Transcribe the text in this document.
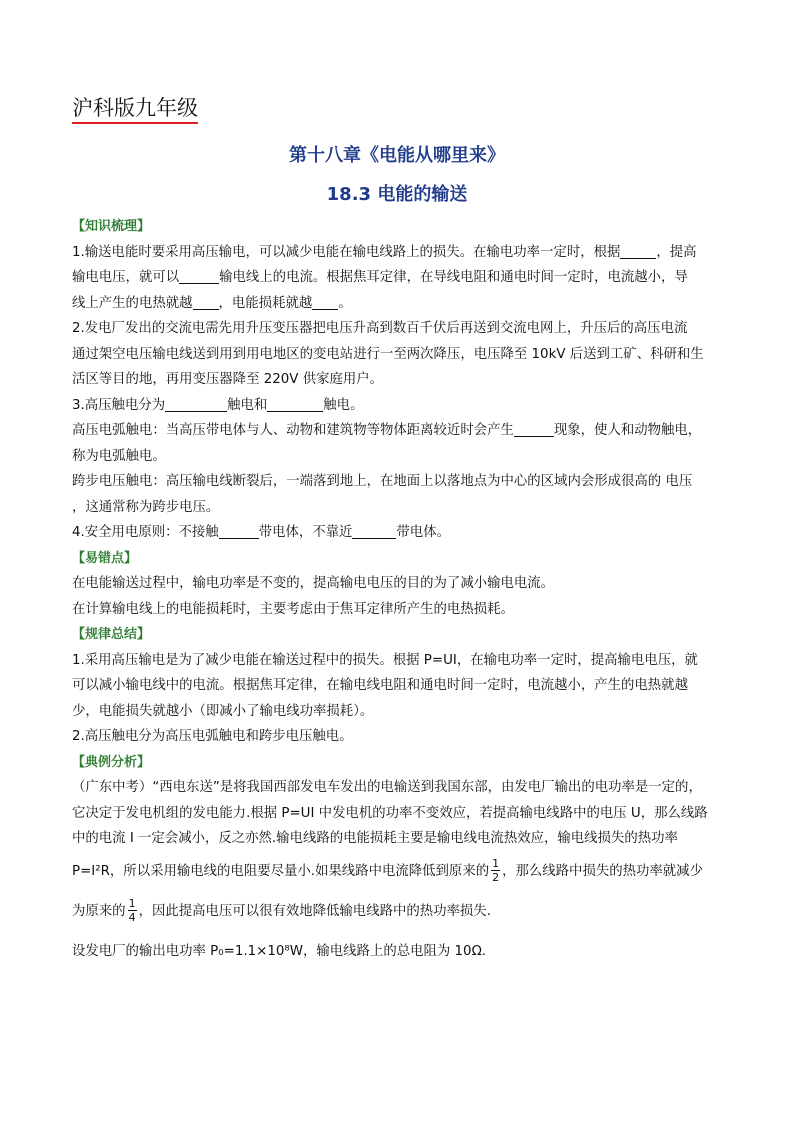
沪科版九年级
第十八章《电能从哪里来》
18.3 电能的输送

【知识梳理】

1.输送电能时要采用高压输电，可以减少电能在输电线路上的损失。在输电功率一定时，根据	，提高

输电电压，就可以	输电线上的电流。根据焦耳定律，在导线电阻和通电时间一定时，电流越小，导

线上产生的电热就越 ，电能损耗就越 。

2.发电厂发出的交流电需先用升压变压器把电压升高到数百千伏后再送到交流电网上，升压后的高压电流

通过架空电压输电线送到用到用电地区的变电站进行一至两次降压，电压降至 10kV 后送到工矿、科研和生

活区等目的地，再用变压器降至 220V 供家庭用户。

3.高压触电分为	触电和	触电。

高压电弧触电：当高压带电体与人、动物和建筑物等物体距离较近时会产生	现象，使人和动物触电，

称为电弧触电。

跨步电压触电：高压输电线断裂后，一端落到地上，在地面上以落地点为中心的区域内会形成很高的 电压

，这通常称为跨步电压。

4.安全用电原则：不接触	带电体，不靠近	带电体。

【易错点】

在电能输送过程中，输电功率是不变的，提高输电电压的目的为了减小输电电流。

在计算输电线上的电能损耗时，主要考虑由于焦耳定律所产生的电热损耗。

【规律总结】

1.采用高压输电是为了减少电能在输送过程中的损失。根据 P=UI，在输电功率一定时，提高输电电压，就

可以减小输电线中的电流。根据焦耳定律，在输电线电阻和通电时间一定时，电流越小，产生的电热就越

少，电能损失就越小（即减小了输电线功率损耗）。

2.高压触电分为高压电弧触电和跨步电压触电。

【典例分析】

（广东中考）“西电东送”是将我国西部发电车发出的电输送到我国东部，由发电厂输出的电功率是一定的，

它决定于发电机组的发电能力.根据 P=UI 中发电机的功率不变效应，若提高输电线路中的电压 U，那么线路

中的电流 I 一定会减小，反之亦然.输电线路的电能损耗主要是输电线电流热效应，输电线损失的热功率

P=I²R，所以采用输电线的电阻要尽量小.如果线路中电流降低到原来的 $\frac{1}{2}$ ，那么线路中损失的热功率就减少

为原来的 $\frac{1}{4}$ ，因此提高电压可以很有效地降低输电线路中的热功率损失.

设发电厂的输出电功率 P₀=1.1×10⁸W，输电线路上的总电阻为 10Ω.
